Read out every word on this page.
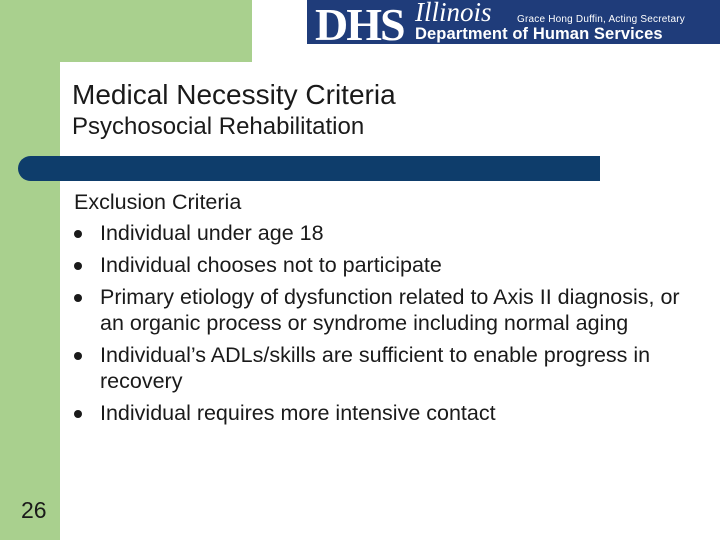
DHS Illinois	Grace Hong Duffin, Acting Secretary
Department of Human Services
Medical Necessity Criteria
Psychosocial Rehabilitation
Exclusion Criteria
Individual under age 18
Individual chooses not to participate
Primary etiology of dysfunction related to Axis II diagnosis, or an organic process or syndrome including normal aging
Individual’s ADLs/skills are sufficient to enable progress in recovery
Individual requires more intensive contact
26
